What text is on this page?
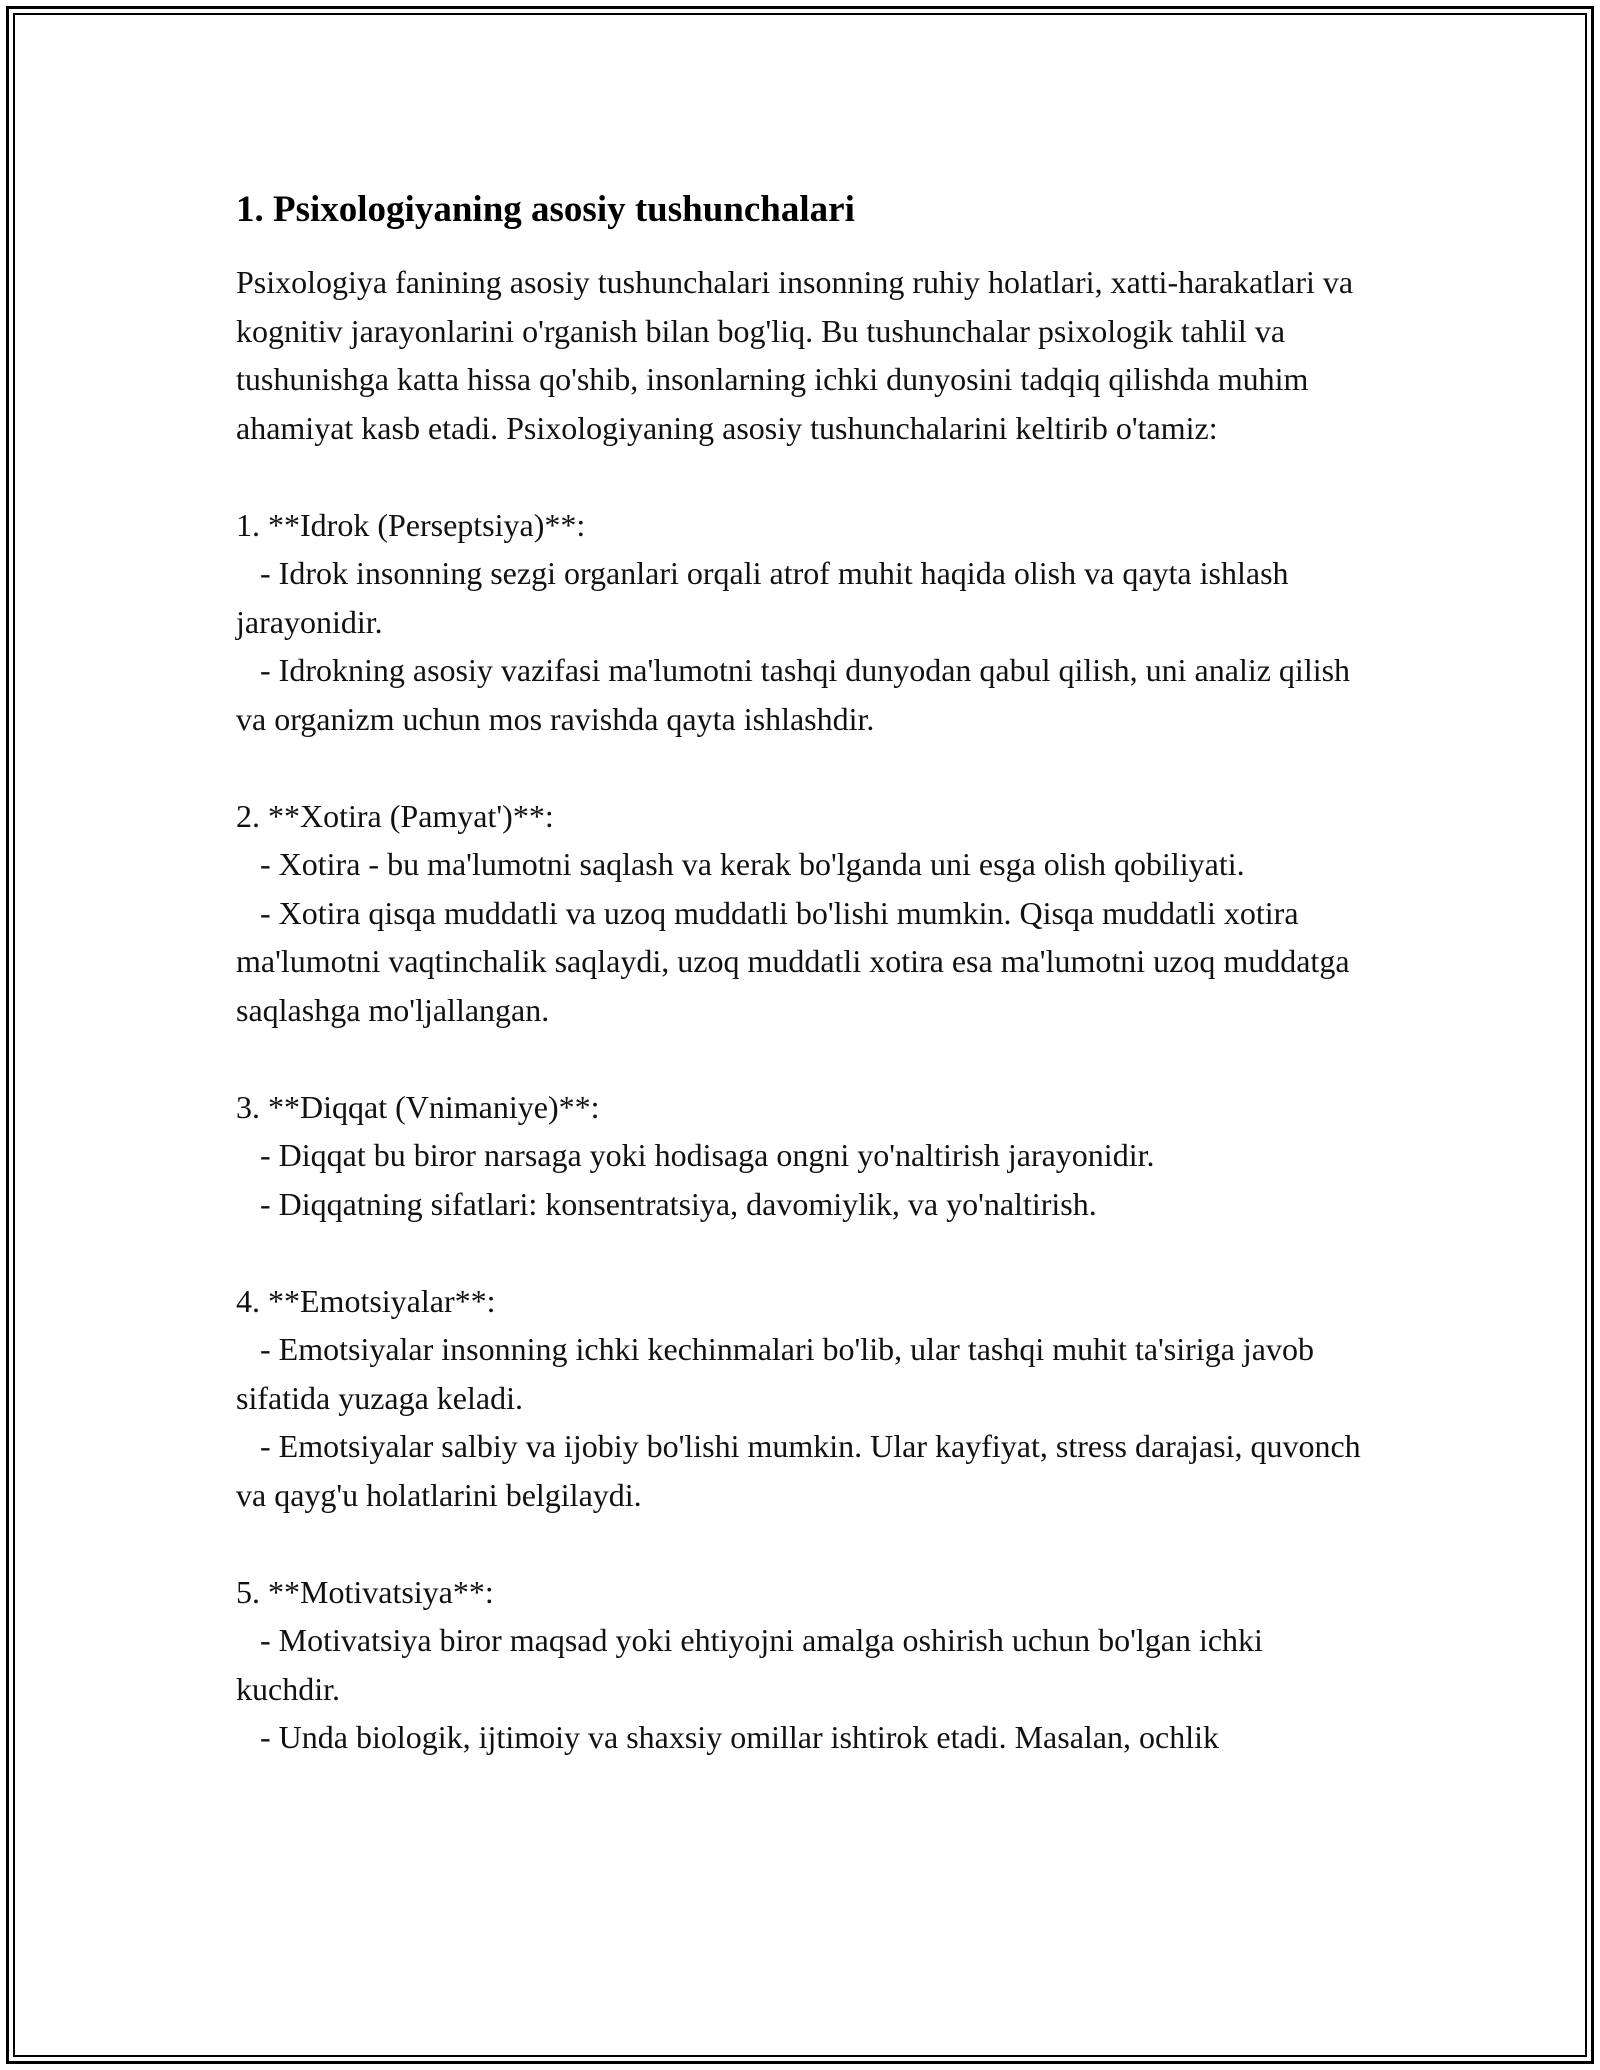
1. Psixologiyaning asosiy tushunchalari

Psixologiya fanining asosiy tushunchalari insonning ruhiy holatlari, xatti-harakatlari va kognitiv jarayonlarini o'rganish bilan bog'liq. Bu tushunchalar psixologik tahlil va tushunishga katta hissa qo'shib, insonlarning ichki dunyosini tadqiq qilishda muhim ahamiyat kasb etadi. Psixologiyaning asosiy tushunchalarini keltirib o'tamiz:

1. **Idrok (Perseptsiya)**:

- Idrok insonning sezgi organlari orqali atrof muhit haqida olish va qayta ishlash jarayonidir.

- Idrokning asosiy vazifasi ma'lumotni tashqi dunyodan qabul qilish, uni analiz qilish va organizm uchun mos ravishda qayta ishlashdir.

2. **Xotira (Pamyat')**:

- Xotira - bu ma'lumotni saqlash va kerak bo'lganda uni esga olish qobiliyati.

- Xotira qisqa muddatli va uzoq muddatli bo'lishi mumkin. Qisqa muddatli xotira ma'lumotni vaqtinchalik saqlaydi, uzoq muddatli xotira esa ma'lumotni uzoq muddatga saqlashga mo'ljallangan.

3. **Diqqat (Vnimaniye)**:

- Diqqat bu biror narsaga yoki hodisaga ongni yo'naltirish jarayonidir.

- Diqqatning sifatlari: konsentratsiya, davomiylik, va yo'naltirish.

4. **Emotsiyalar**:

- Emotsiyalar insonning ichki kechinmalari bo'lib, ular tashqi muhit ta'siriga javob sifatida yuzaga keladi.

- Emotsiyalar salbiy va ijobiy bo'lishi mumkin. Ular kayfiyat, stress darajasi, quvonch va qayg'u holatlarini belgilaydi.

5. **Motivatsiya**:

- Motivatsiya biror maqsad yoki ehtiyojni amalga oshirish uchun bo'lgan ichki kuchdir.

- Unda biologik, ijtimoiy va shaxsiy omillar ishtirok etadi. Masalan, ochlik
